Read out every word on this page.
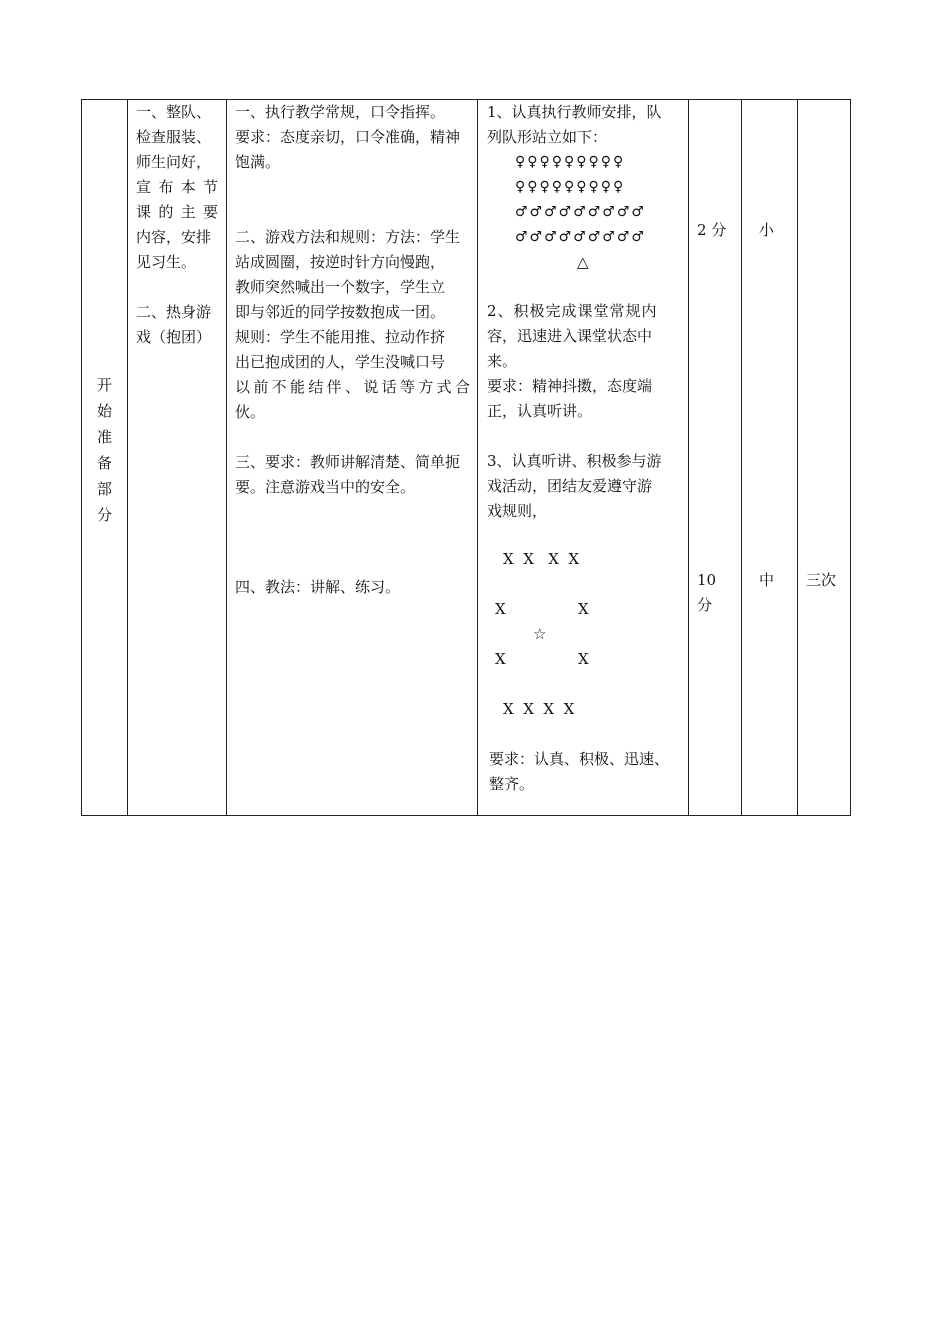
开
始
准
备
部
分

一、整队、

检查服装、

师生问好，

宣布本节

课的主要

内容，安排

见习生。

二、热身游

戏（抱团）

一、执行教学常规，口令指挥。

要求：态度亲切，口令准确，精神

饱满。

二、游戏方法和规则：方法：学生

站成圆圈，按逆时针方向慢跑，

教师突然喊出一个数字，学生立

即与邻近的同学按数抱成一团。

规则：学生不能用推、拉动作挤

出已抱成团的人，学生没喊口号

以前不能结伴、说话等方式合

伙。

三、要求：教师讲解清楚、简单扼

要。注意游戏当中的安全。

四、教法：讲解、练习。

1、认真执行教师安排，队

列队形站立如下：

♀♀♀♀♀♀♀♀♀

♀♀♀♀♀♀♀♀♀

♂♂♂♂♂♂♂♂♂

♂♂♂♂♂♂♂♂♂

△

2、积极完成课堂常规内

容，迅速进入课堂状态中

来。

要求：精神抖擞，态度端

正，认真听讲。

3、认真听讲、积极参与游

戏活动，团结友爱遵守游

戏规则，

X  X   X  X
X	X
☆
X	X
X  X  X  X

要求：认真、积极、迅速、

整齐。

2 分
10
分
小
中 三次
